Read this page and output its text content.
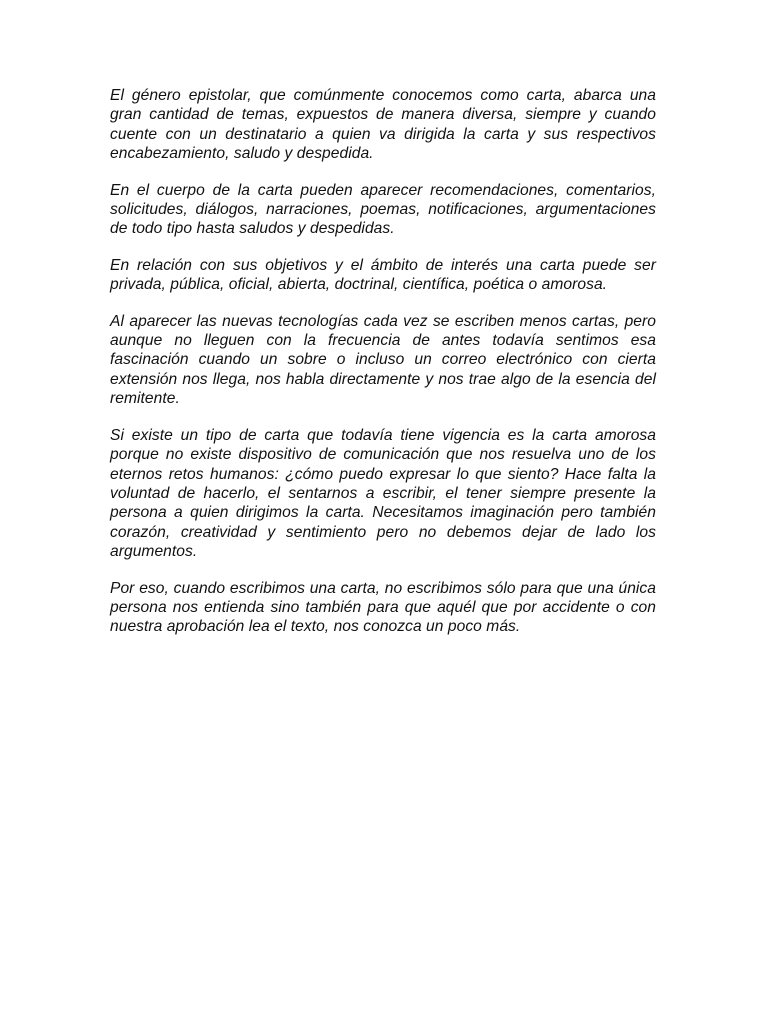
El género epistolar, que comúnmente conocemos como carta, abarca una gran cantidad de temas, expuestos de manera diversa, siempre y cuando cuente con un destinatario a quien va dirigida la carta y sus respectivos encabezamiento, saludo y despedida.

En el cuerpo de la carta pueden aparecer recomendaciones, comentarios, solicitudes, diálogos, narraciones, poemas, notificaciones, argumentaciones de todo tipo hasta saludos y despedidas.

En relación con sus objetivos y el ámbito de interés una carta puede ser privada, pública, oficial, abierta, doctrinal, científica, poética o amorosa.

Al aparecer las nuevas tecnologías cada vez se escriben menos cartas, pero aunque no lleguen con la frecuencia de antes todavía sentimos esa fascinación cuando un sobre o incluso un correo electrónico con cierta extensión nos llega, nos habla directamente y nos trae algo de la esencia del remitente.

Si existe un tipo de carta que todavía tiene vigencia es la carta amorosa porque no existe dispositivo de comunicación que nos resuelva uno de los eternos retos humanos: ¿cómo puedo expresar lo que siento? Hace falta la voluntad de hacerlo, el sentarnos a escribir, el tener siempre presente la persona a quien dirigimos la carta. Necesitamos imaginación pero también corazón, creatividad y sentimiento pero no debemos dejar de lado los argumentos.

Por eso, cuando escribimos una carta, no escribimos sólo para que una única persona nos entienda sino también para que aquél que por accidente o con nuestra aprobación lea el texto, nos conozca un poco más.
